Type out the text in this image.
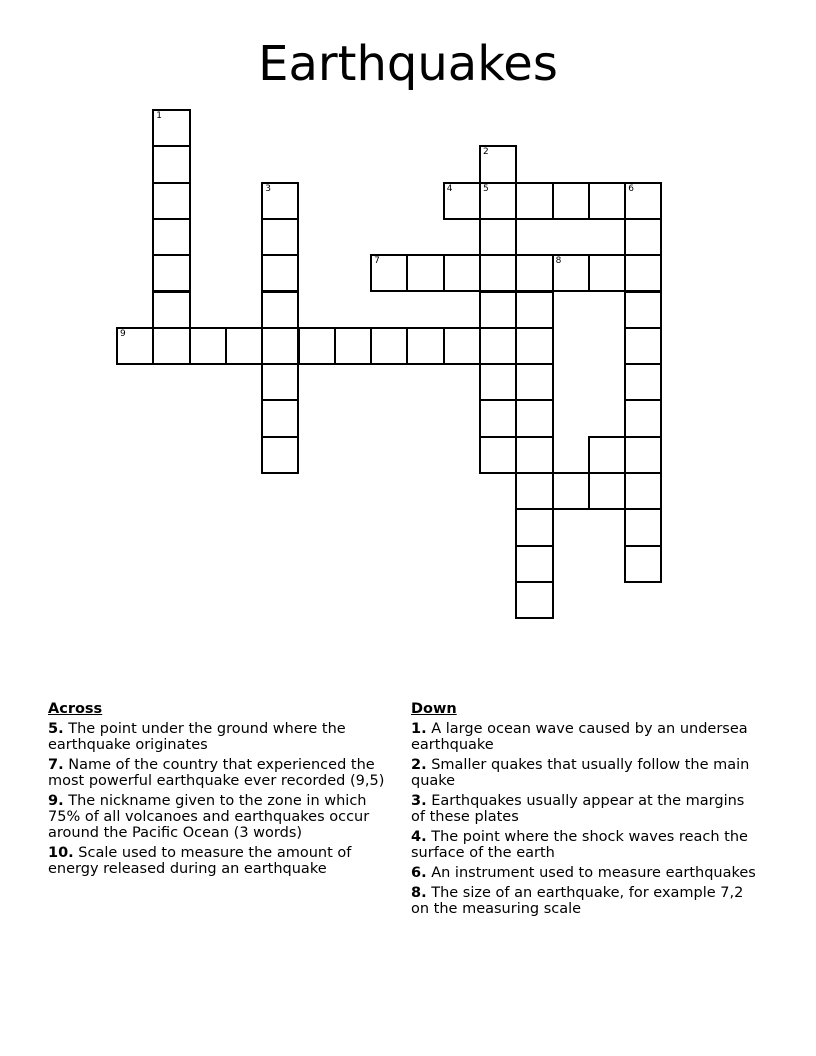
Earthquakes
1
2
5
3	4	6
7	8
9
Across
5. The point under the ground where the earthquake originates
7. Name of the country that experienced the most powerful earthquake ever recorded (9,5)
9. The nickname given to the zone in which 75% of all volcanoes and earthquakes occur around the Pacific Ocean (3 words)
10. Scale used to measure the amount of energy released during an earthquake
Down
1. A large ocean wave caused by an undersea earthquake
2. Smaller quakes that usually follow the main quake
3. Earthquakes usually appear at the margins of these plates
4. The point where the shock waves reach the surface of the earth
6. An instrument used to measure earthquakes
8. The size of an earthquake, for example 7,2 on the measuring scale
